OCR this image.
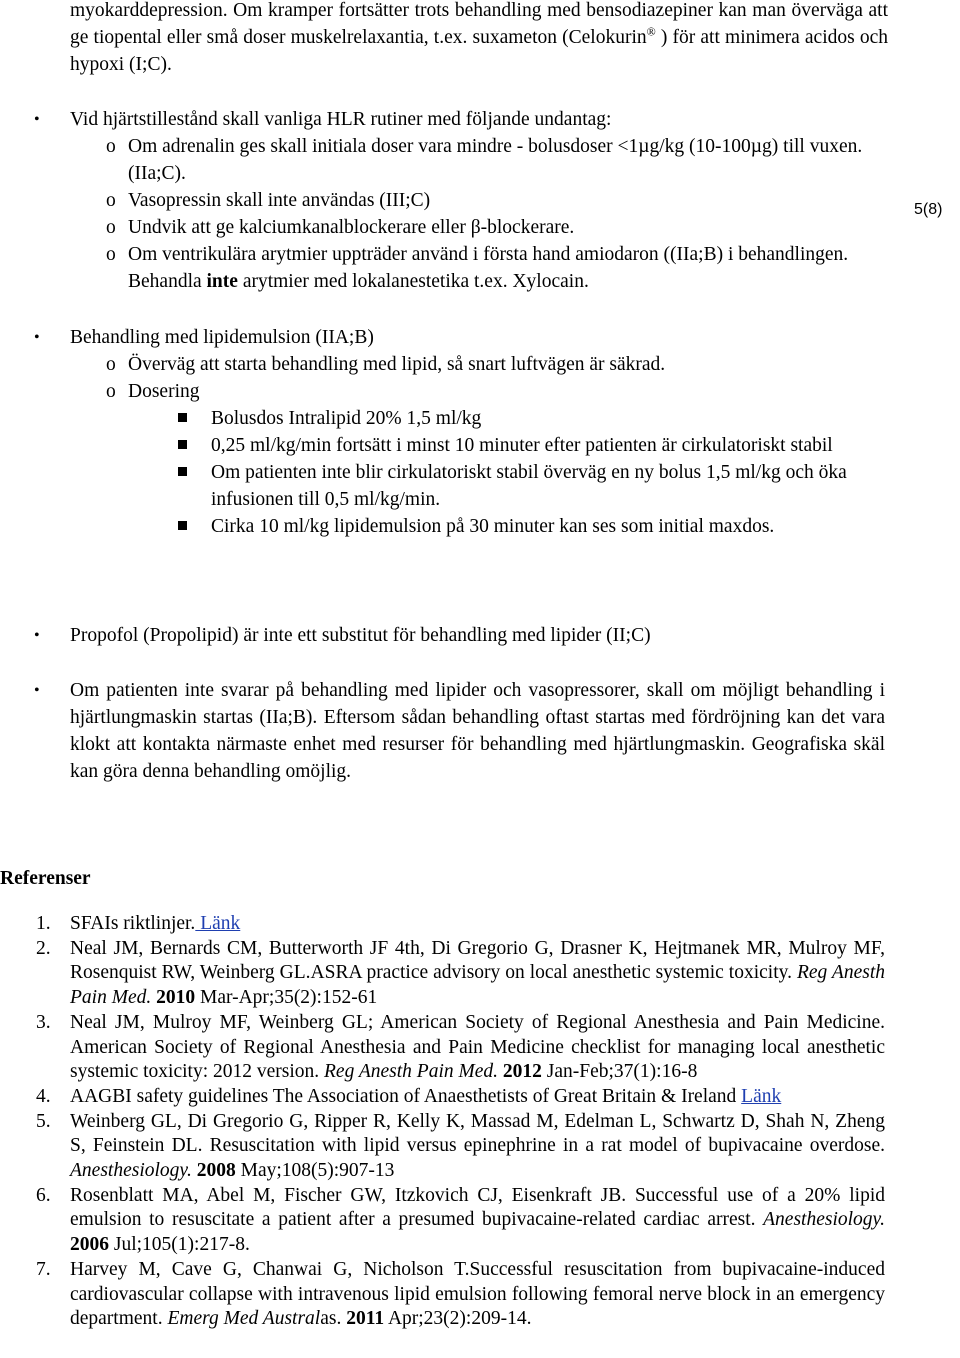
myokarddepression. Om kramper fortsätter trots behandling med bensodiazepiner kan man överväga att ge tiopental eller små doser muskelrelaxantia, t.ex. suxameton (Celokurin® ) för att minimera acidos och hypoxi (I;C).
5(8)
•	Vid hjärtstillestånd skall vanliga HLR rutiner med följande undantag:
o Om adrenalin ges skall initiala doser vara mindre - bolusdoser <1µg/kg (10-100µg) till vuxen. (IIa;C).
o Vasopressin skall inte användas (III;C)
o Undvik att ge kalciumkanalblockerare eller β-blockerare.
o Om ventrikulära arytmier uppträder använd i första hand amiodaron ((IIa;B) i behandlingen. Behandla inte arytmier med lokalanestetika t.ex. Xylocain.
•	Behandling med lipidemulsion (IIA;B)
o Överväg att starta behandling med lipid, så snart luftvägen är säkrad.
o Dosering
Bolusdos Intralipid 20% 1,5 ml/kg
0,25 ml/kg/min fortsätt i minst 10 minuter efter patienten är cirkulatoriskt stabil
Om patienten inte blir cirkulatoriskt stabil överväg en ny bolus 1,5 ml/kg och öka infusionen till 0,5 ml/kg/min.
Cirka 10 ml/kg lipidemulsion på 30 minuter kan ses som initial maxdos.
•	Propofol (Propolipid) är inte ett substitut för behandling med lipider (II;C)
•	Om patienten inte svarar på behandling med lipider och vasopressorer, skall om möjligt behandling i hjärtlungmaskin startas (IIa;B). Eftersom sådan behandling oftast startas med fördröjning kan det vara klokt att kontakta närmaste enhet med resurser för behandling med hjärtlungmaskin. Geografiska skäl kan göra denna behandling omöjlig.
Referenser
1. SFAIs riktlinjer. Länk
2. Neal JM, Bernards CM, Butterworth JF 4th, Di Gregorio G, Drasner K, Hejtmanek MR, Mulroy MF, Rosenquist RW, Weinberg GL.ASRA practice advisory on local anesthetic systemic toxicity. Reg Anesth Pain Med. 2010 Mar-Apr;35(2):152-61
3. Neal JM, Mulroy MF, Weinberg GL; American Society of Regional Anesthesia and Pain Medicine. American Society of Regional Anesthesia and Pain Medicine checklist for managing local anesthetic systemic toxicity: 2012 version. Reg Anesth Pain Med. 2012 Jan-Feb;37(1):16-8
4. AAGBI safety guidelines The Association of Anaesthetists of Great Britain & Ireland Länk
5. Weinberg GL, Di Gregorio G, Ripper R, Kelly K, Massad M, Edelman L, Schwartz D, Shah N, Zheng S, Feinstein DL. Resuscitation with lipid versus epinephrine in a rat model of bupivacaine overdose. Anesthesiology. 2008 May;108(5):907-13
6. Rosenblatt MA, Abel M, Fischer GW, Itzkovich CJ, Eisenkraft JB. Successful use of a 20% lipid emulsion to resuscitate a patient after a presumed bupivacaine-related cardiac arrest. Anesthesiology. 2006 Jul;105(1):217-8.
7. Harvey M, Cave G, Chanwai G, Nicholson T.Successful resuscitation from bupivacaine-induced cardiovascular collapse with intravenous lipid emulsion following femoral nerve block in an emergency department. Emerg Med Australas. 2011 Apr;23(2):209-14.
